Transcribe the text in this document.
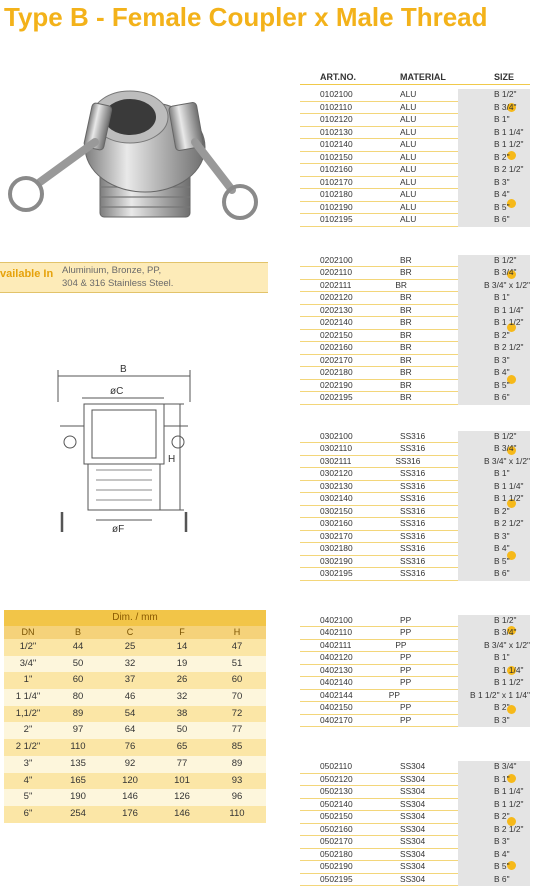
Type B - Female Coupler x Male Thread
vailable In Aluminium, Bronze, PP,
304 & 316 Stainless Steel.
B
øC
H
øF
Dim. / mm
DN	B	C	F	H
1/2"	44	25	14	47
3/4"	50	32	19	51
1"	60	37	26	60
1 1/4"	80	46	32	70
1,1/2"	89	54	38	72
2"	97	64	50	77
2 1/2"	110	76	65	85
3"	135	92	77	89
4"	165	120	101	93
5"	190	146	126	96
6"	254	176	146	110
ART.NO.	MATERIAL	SIZE
0102100	ALU	B 1/2"
0102110	ALU	B 3/4"
0102120	ALU	B 1"
0102130	ALU	B 1 1/4"
0102140	ALU	B 1 1/2"
0102150	ALU	B 2"
0102160	ALU	B 2 1/2"
0102170	ALU	B 3"
0102180	ALU	B 4"
0102190	ALU	B 5"
0102195	ALU	B 6"
0202100	BR	B 1/2"
0202110	BR	B 3/4"
0202111	BR	B 3/4" x 1/2"
0202120	BR	B 1"
0202130	BR	B 1 1/4"
0202140	BR	B 1 1/2"
0202150	BR	B 2"
0202160	BR	B 2 1/2"
0202170	BR	B 3"
0202180	BR	B 4"
0202190	BR	B 5"
0202195	BR	B 6"
0302100	SS316	B 1/2"
0302110	SS316	B 3/4"
0302111	SS316	B 3/4" x 1/2"
0302120	SS316	B 1"
0302130	SS316	B 1 1/4"
0302140	SS316	B 1 1/2"
0302150	SS316	B 2"
0302160	SS316	B 2 1/2"
0302170	SS316	B 3"
0302180	SS316	B 4"
0302190	SS316	B 5"
0302195	SS316	B 6"
0402100	PP	B 1/2"
0402110	PP	B 3/4"
0402111	PP	B 3/4" x 1/2"
0402120	PP	B 1"
0402130	PP	B 1 1/4"
0402140	PP	B 1 1/2"
0402144	PP	B 1 1/2" x 1 1/4"
0402150	PP	B 2"
0402170	PP	B 3"
0502110	SS304	B 3/4"
0502120	SS304	B 1"
0502130	SS304	B 1 1/4"
0502140	SS304	B 1 1/2"
0502150	SS304	B 2"
0502160	SS304	B 2 1/2"
0502170	SS304	B 3"
0502180	SS304	B 4"
0502190	SS304	B 5"
0502195	SS304	B 6"
